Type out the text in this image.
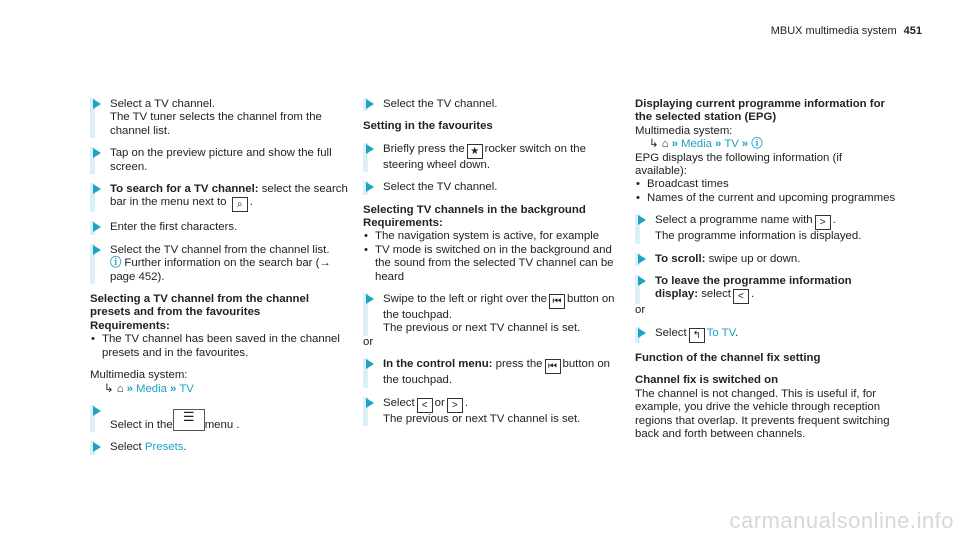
MBUX multimedia system 451
Select a TV channel.
The TV tuner selects the channel from the channel list.
Tap on the preview picture and show the full screen.
To search for a TV channel: select the search bar in the menu next to ⌕ .
Enter the first characters.
Select the TV channel from the channel list.
ⓘ Further information on the search bar (→ page 452).
Selecting a TV channel from the channel presets and from the favourites
Requirements:
• The TV channel has been saved in the channel presets and in the favourites.
Multimedia system:
↳ ⌂ » Media » TV
Select in the☰menu .
Select Presets.
Select the TV channel.
Setting in the favourites
Briefly press the ★ rocker switch on the steering wheel down.
Select the TV channel.
Selecting TV channels in the background
Requirements:
• The navigation system is active, for example
• TV mode is switched on in the background and the sound from the selected TV channel can be heard
Swipe to the left or right over the ⏮ button on the touchpad.
The previous or next TV channel is set.
or
In the control menu: press the ⏮ button on the touchpad.
Select < or > .
The previous or next TV channel is set.
Displaying current programme information for the selected station (EPG)
Multimedia system:
↳ ⌂ » Media » TV » ⓘ
EPG displays the following information (if available):
• Broadcast times
• Names of the current and upcoming programmes
Select a programme name with > .
The programme information is displayed.
To scroll: swipe up or down.
To leave the programme information display: select < .
or
Select ↰ To TV.
Function of the channel fix setting
Channel fix is switched on
The channel is not changed. This is useful if, for example, you drive the vehicle through reception regions that overlap. It prevents frequent switching back and forth between channels.
carmanualsonline.info
